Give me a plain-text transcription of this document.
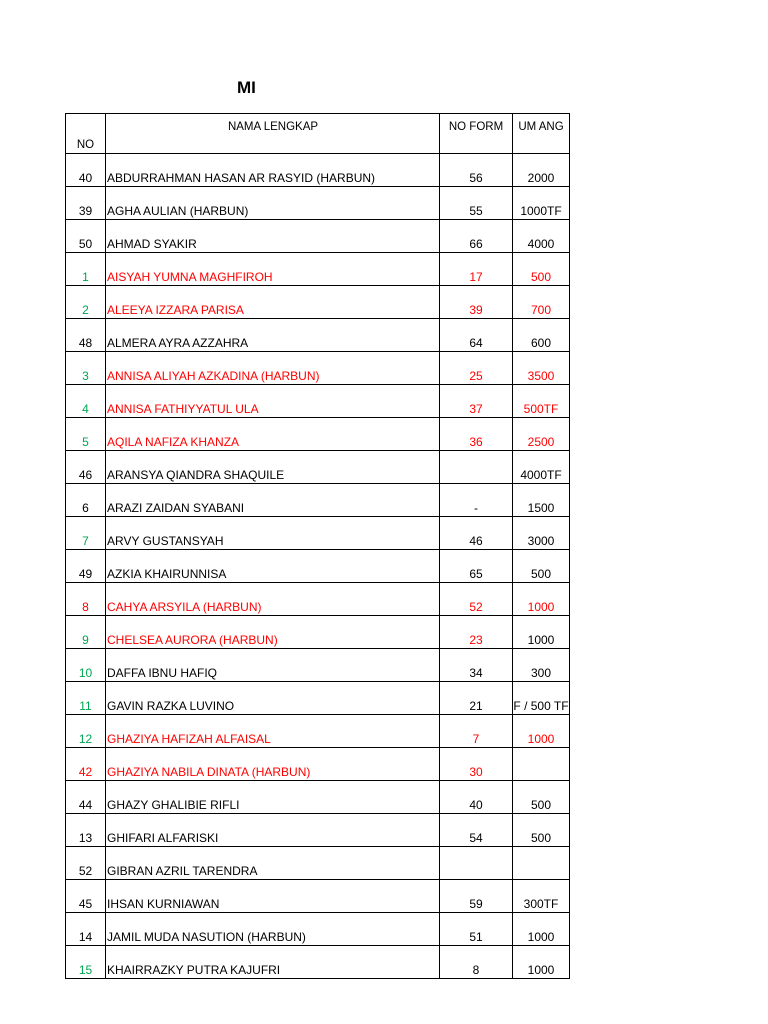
MI
NO	NAMA LENGKAP	NO FORM	UM ANG

40	ABDURRAHMAN HASAN AR RASYID (HARBUN)	56	2000

39	AGHA AULIAN (HARBUN)	55	1000TF

50	AHMAD SYAKIR	66	4000

1	AISYAH YUMNA MAGHFIROH	17	500

2	ALEEYA IZZARA PARISA	39	700

48	ALMERA AYRA AZZAHRA	64	600

3	ANNISA ALIYAH AZKADINA (HARBUN)	25	3500

4	ANNISA FATHIYYATUL ULA	37	500TF

5	AQILA NAFIZA KHANZA	36	2500

46	ARANSYA QIANDRA SHAQUILE		4000TF

6	ARAZI ZAIDAN SYABANI	-	1500

7	ARVY GUSTANSYAH	46	3000

49	AZKIA KHAIRUNNISA	65	500

8	CAHYA ARSYILA (HARBUN)	52	1000

9	CHELSEA AURORA (HARBUN)	23	1000

10	DAFFA IBNU HAFIQ	34	300

11	GAVIN RAZKA LUVINO	21	F / 500 TF

12	GHAZIYA HAFIZAH ALFAISAL	7	1000

42	GHAZIYA NABILA DINATA (HARBUN)	30	

44	GHAZY GHALIBIE RIFLI	40	500

13	GHIFARI ALFARISKI	54	500

52	GIBRAN AZRIL TARENDRA		

45	IHSAN KURNIAWAN	59	300TF

14	JAMIL MUDA NASUTION (HARBUN)	51	1000

15	KHAIRRAZKY PUTRA KAJUFRI	8	1000
